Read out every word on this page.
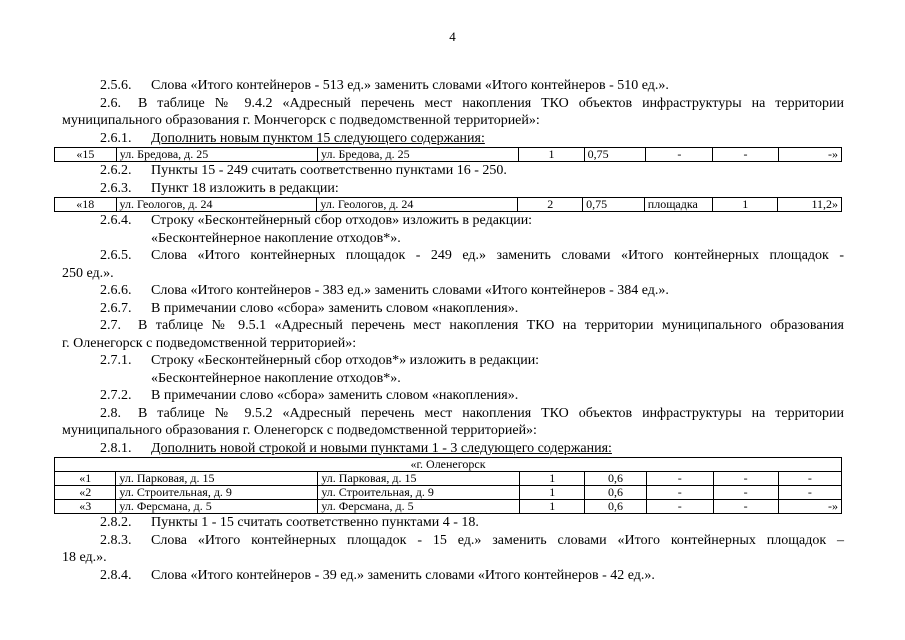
4
2.5.6. Слова «Итого контейнеров - 513 ед.» заменить словами «Итого контейнеров - 510 ед.».
2.6. В таблице № 9.4.2 «Адресный перечень мест накопления ТКО объектов инфраструктуры на территории
муниципального образования г. Мончегорск с подведомственной территорией»:
2.6.1. Дополнить новым пунктом 15 следующего содержания:
«15	ул. Бредова, д. 25	ул. Бредова, д. 25	1	0,75	-	-	-»
2.6.2. Пункты 15 - 249 считать соответственно пунктами 16 - 250.
2.6.3. Пункт 18 изложить в редакции:
«18	ул. Геологов, д. 24	ул. Геологов, д. 24	2	0,75	площадка	1	11,2»
2.6.4. Строку «Бесконтейнерный сбор отходов» изложить в редакции:
«Бесконтейнерное накопление отходов*».
2.6.5. Слова «Итого контейнерных площадок - 249 ед.» заменить словами «Итого контейнерных площадок -
250 ед.».
2.6.6. Слова «Итого контейнеров - 383 ед.» заменить словами «Итого контейнеров - 384 ед.».
2.6.7. В примечании слово «сбора» заменить словом «накопления».
2.7. В таблице № 9.5.1 «Адресный перечень мест накопления ТКО на территории муниципального образования
г. Оленегорск с подведомственной территорией»:
2.7.1. Строку «Бесконтейнерный сбор отходов*» изложить в редакции:
«Бесконтейнерное накопление отходов*».
2.7.2. В примечании слово «сбора» заменить словом «накопления».
2.8. В таблице № 9.5.2 «Адресный перечень мест накопления ТКО объектов инфраструктуры на территории
муниципального образования г. Оленегорск с подведомственной территорией»:
2.8.1. Дополнить новой строкой и новыми пунктами 1 - 3 следующего содержания:
«г. Оленегорск							
«1	ул. Парковая, д. 15	ул. Парковая, д. 15	1	0,6	-	-	-
«2	ул. Строительная, д. 9	ул. Строительная, д. 9	1	0,6	-	-	-
«3	ул. Ферсмана, д. 5	ул. Ферсмана, д. 5	1	0,6	-	-	-»
2.8.2. Пункты 1 - 15 считать соответственно пунктами 4 - 18.
2.8.3. Слова «Итого контейнерных площадок - 15 ед.» заменить словами «Итого контейнерных площадок –
18 ед.».
2.8.4. Слова «Итого контейнеров - 39 ед.» заменить словами «Итого контейнеров - 42 ед.».
